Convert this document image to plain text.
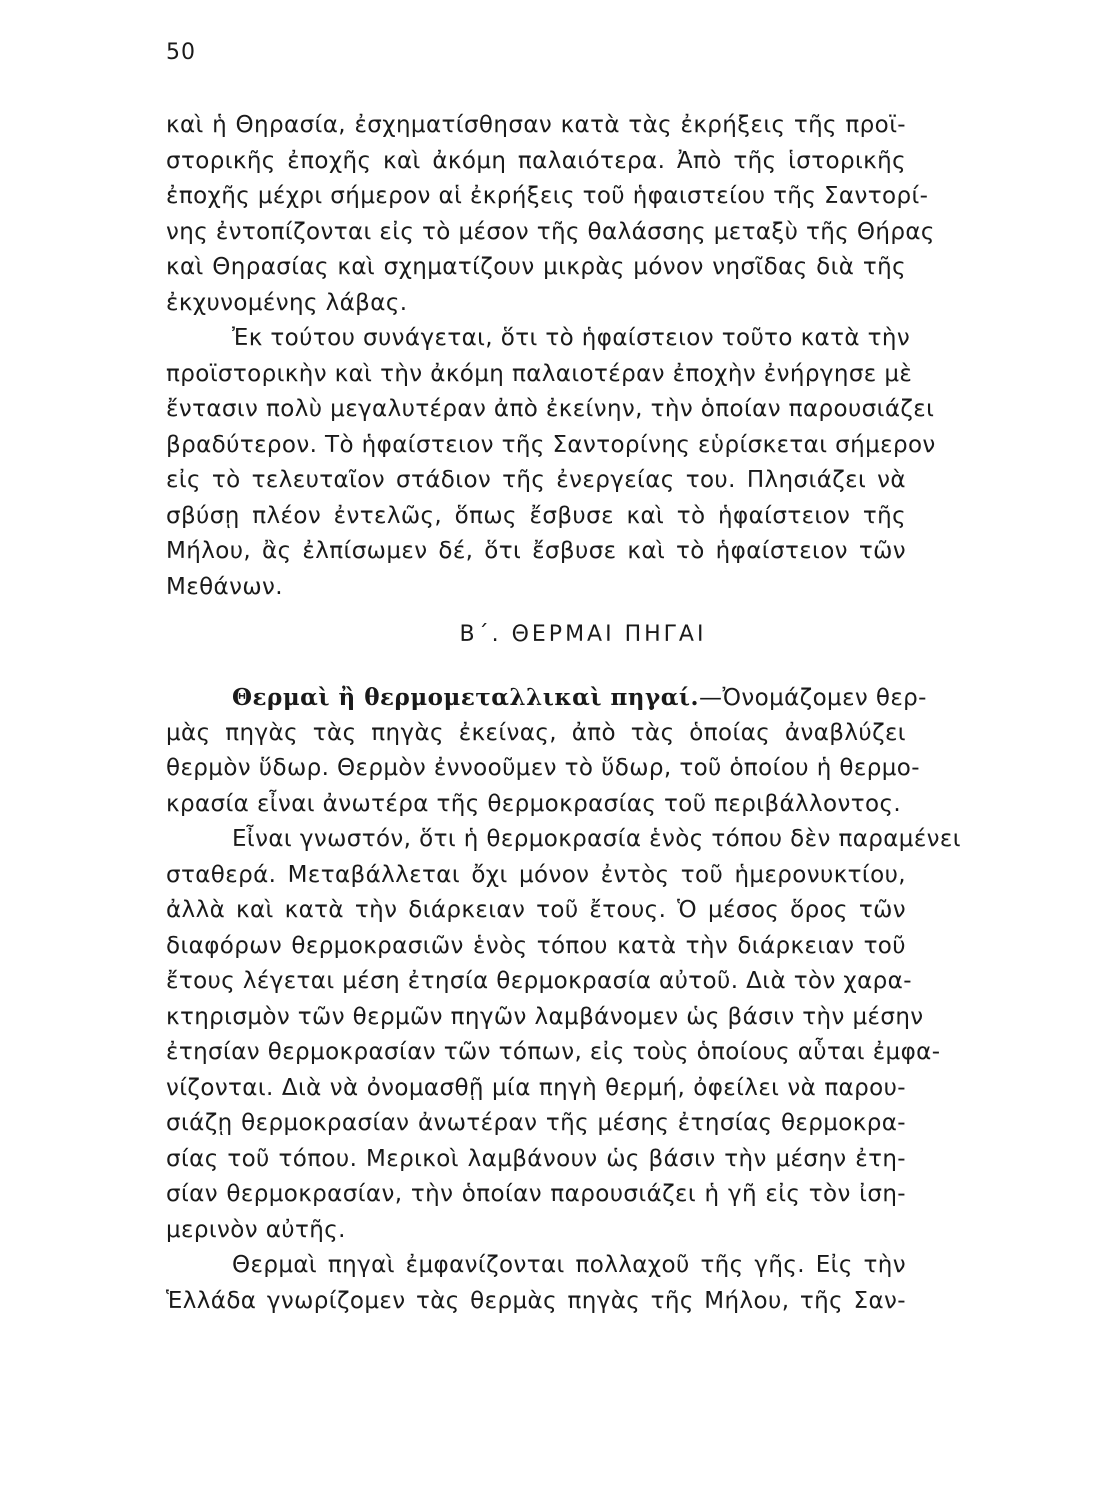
50
καὶ ἡ Θηρασία, ἐσχηματίσθησαν κατὰ τὰς ἐκρήξεις τῆς προϊ-
στορικῆς ἐποχῆς καὶ ἀκόμη παλαιότερα. Ἀπὸ τῆς ἱστορικῆς
ἐποχῆς μέχρι σήμερον αἱ ἐκρήξεις τοῦ ἡφαιστείου τῆς Σαντορί-
νης ἐντοπίζονται εἰς τὸ μέσον τῆς θαλάσσης μεταξὺ τῆς Θήρας
καὶ Θηρασίας καὶ σχηματίζουν μικρὰς μόνον νησῖδας διὰ τῆς
ἐκχυνομένης λάβας.
Ἐκ τούτου συνάγεται, ὅτι τὸ ἡφαίστειον τοῦτο κατὰ τὴν
προϊστορικὴν καὶ τὴν ἀκόμη παλαιοτέραν ἐποχὴν ἐνήργησε μὲ
ἔντασιν πολὺ μεγαλυτέραν ἀπὸ ἐκείνην, τὴν ὁποίαν παρουσιάζει
βραδύτερον. Τὸ ἡφαίστειον τῆς Σαντορίνης εὑρίσκεται σήμερον
εἰς τὸ τελευταῖον στάδιον τῆς ἐνεργείας του. Πλησιάζει νὰ
σβύσῃ πλέον ἐντελῶς, ὅπως ἔσβυσε καὶ τὸ ἡφαίστειον τῆς
Μήλου, ἂς ἐλπίσωμεν δέ, ὅτι ἔσβυσε καὶ τὸ ἡφαίστειον τῶν
Μεθάνων.
Β΄. ΘΕΡΜΑΙ ΠΗΓΑΙ
Θερμαὶ ἢ θερμομεταλλικαὶ πηγαί.—Ὀνομάζομεν θερ-
μὰς πηγὰς τὰς πηγὰς ἐκείνας, ἀπὸ τὰς ὁποίας ἀναβλύζει
θερμὸν ὕδωρ. Θερμὸν ἐννοοῦμεν τὸ ὕδωρ, τοῦ ὁποίου ἡ θερμο-
κρασία εἶναι ἀνωτέρα τῆς θερμοκρασίας τοῦ περιβάλλοντος.
Εἶναι γνωστόν, ὅτι ἡ θερμοκρασία ἑνὸς τόπου δὲν παραμένει
σταθερά. Μεταβάλλεται ὄχι μόνον ἐντὸς τοῦ ἡμερονυκτίου,
ἀλλὰ καὶ κατὰ τὴν διάρκειαν τοῦ ἔτους. Ὁ μέσος ὅρος τῶν
διαφόρων θερμοκρασιῶν ἑνὸς τόπου κατὰ τὴν διάρκειαν τοῦ
ἔτους λέγεται μέση ἐτησία θερμοκρασία αὐτοῦ. Διὰ τὸν χαρα-
κτηρισμὸν τῶν θερμῶν πηγῶν λαμβάνομεν ὡς βάσιν τὴν μέσην
ἐτησίαν θερμοκρασίαν τῶν τόπων, εἰς τοὺς ὁποίους αὗται ἐμφα-
νίζονται. Διὰ νὰ ὀνομασθῇ μία πηγὴ θερμή, ὀφείλει νὰ παρου-
σιάζῃ θερμοκρασίαν ἀνωτέραν τῆς μέσης ἐτησίας θερμοκρα-
σίας τοῦ τόπου. Μερικοὶ λαμβάνουν ὡς βάσιν τὴν μέσην ἐτη-
σίαν θερμοκρασίαν, τὴν ὁποίαν παρουσιάζει ἡ γῆ εἰς τὸν ἰση-
μερινὸν αὐτῆς.
Θερμαὶ πηγαὶ ἐμφανίζονται πολλαχοῦ τῆς γῆς. Εἰς τὴν
Ἑλλάδα γνωρίζομεν τὰς θερμὰς πηγὰς τῆς Μήλου, τῆς Σαν-
